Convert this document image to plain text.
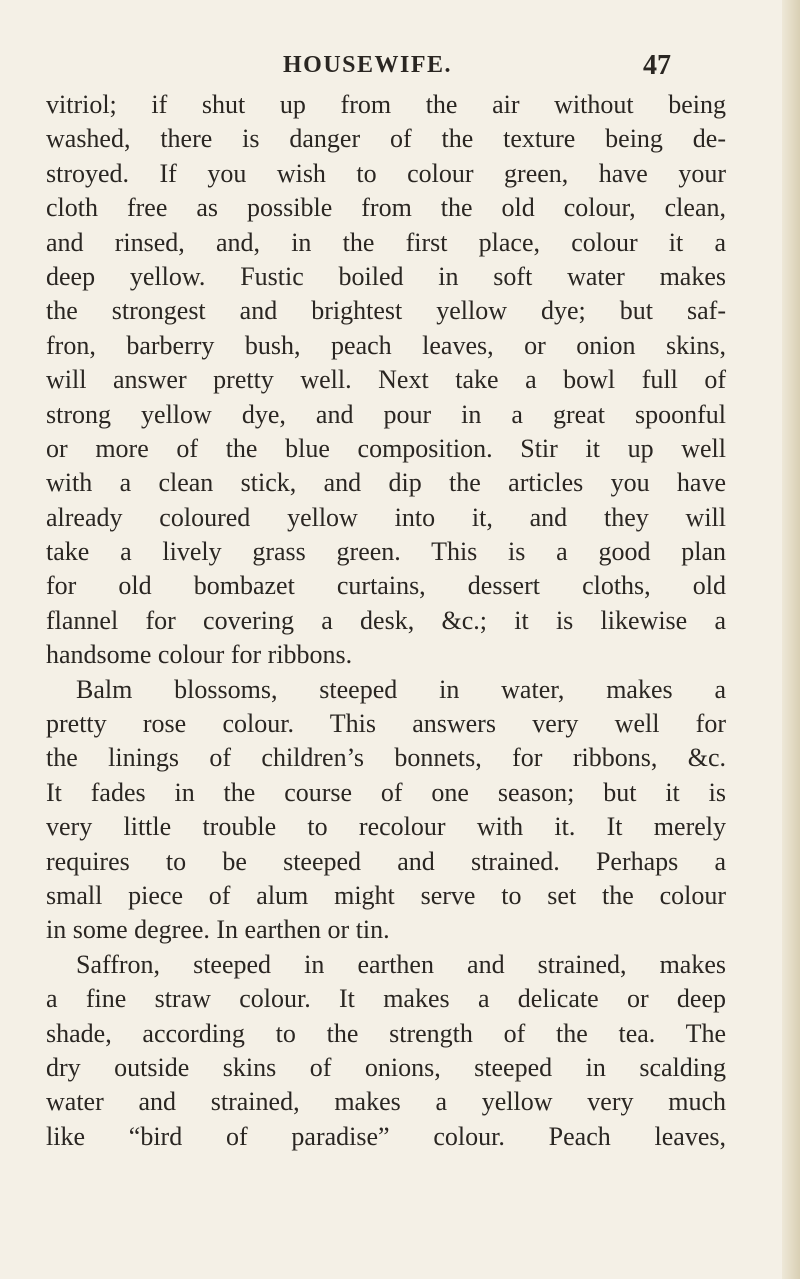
HOUSEWIFE.	47
vitriol; if shut up from the air without being
washed, there is danger of the texture being de-
stroyed. If you wish to colour green, have your
cloth free as possible from the old colour, clean,
and rinsed, and, in the first place, colour it a
deep yellow. Fustic boiled in soft water makes
the strongest and brightest yellow dye; but saf-
fron, barberry bush, peach leaves, or onion skins,
will answer pretty well. Next take a bowl full of
strong yellow dye, and pour in a great spoonful
or more of the blue composition. Stir it up well
with a clean stick, and dip the articles you have
already coloured yellow into it, and they will
take a lively grass green. This is a good plan
for old bombazet curtains, dessert cloths, old
flannel for covering a desk, &c.; it is likewise a
handsome colour for ribbons.
Balm blossoms, steeped in water, makes a
pretty rose colour. This answers very well for
the linings of children’s bonnets, for ribbons, &c.
It fades in the course of one season; but it is
very little trouble to recolour with it. It merely
requires to be steeped and strained. Perhaps a
small piece of alum might serve to set the colour
in some degree. In earthen or tin.
Saffron, steeped in earthen and strained, makes
a fine straw colour. It makes a delicate or deep
shade, according to the strength of the tea. The
dry outside skins of onions, steeped in scalding
water and strained, makes a yellow very much
like “bird of paradise” colour. Peach leaves,
